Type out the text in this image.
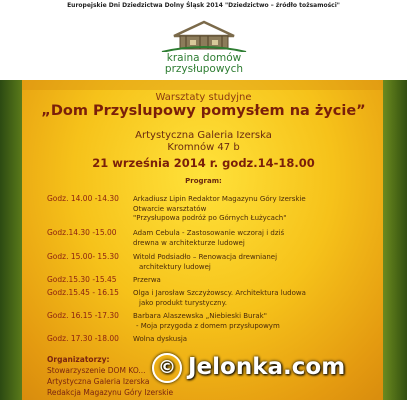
Europejskie Dni Dziedzictwa Dolny Śląsk 2014 "Dziedzictwo – źródło tożsamości"
kraina domów
przysłupowych
Warsztaty studyjne
„Dom Przyslupowy pomysłem na życie”
Artystyczna Galeria Izerska
Kromnów 47 b
21 września 2014 r. godz.14-18.00
Program:
Godz. 14.00 -14.30 Arkadiusz Lipin Redaktor Magazynu Góry Izerskie
Otwarcie warsztatów
"Przysłupowa podróż po Górnych Łużycach"
Godz.14.30 -15.00 Adam Cebula - Zastosowanie wczoraj i dziś
drewna w architekturze ludowej
Godz. 15.00- 15.30 Witold Podsiadło – Renowacja drewnianej
architektury ludowej
Godz.15.30 -15.45 Przerwa
Godz.15.45 - 16.15 Olga i Jarosław Szczyżowscy. Architektura ludowa
jako produkt turystyczny.
Godz. 16.15 -17.30 Barbara Alaszewska „Niebieski Burak"
- Moja przygoda z domem przysłupowym
Godz. 17.30 -18.00 Wolna dyskusja
Organizatorzy:
Stowarzyszenie DOM KO...
Artystyczna Galeria Izerska
Redakcja Magazynu Góry Izerskie
© Jelonka.com
